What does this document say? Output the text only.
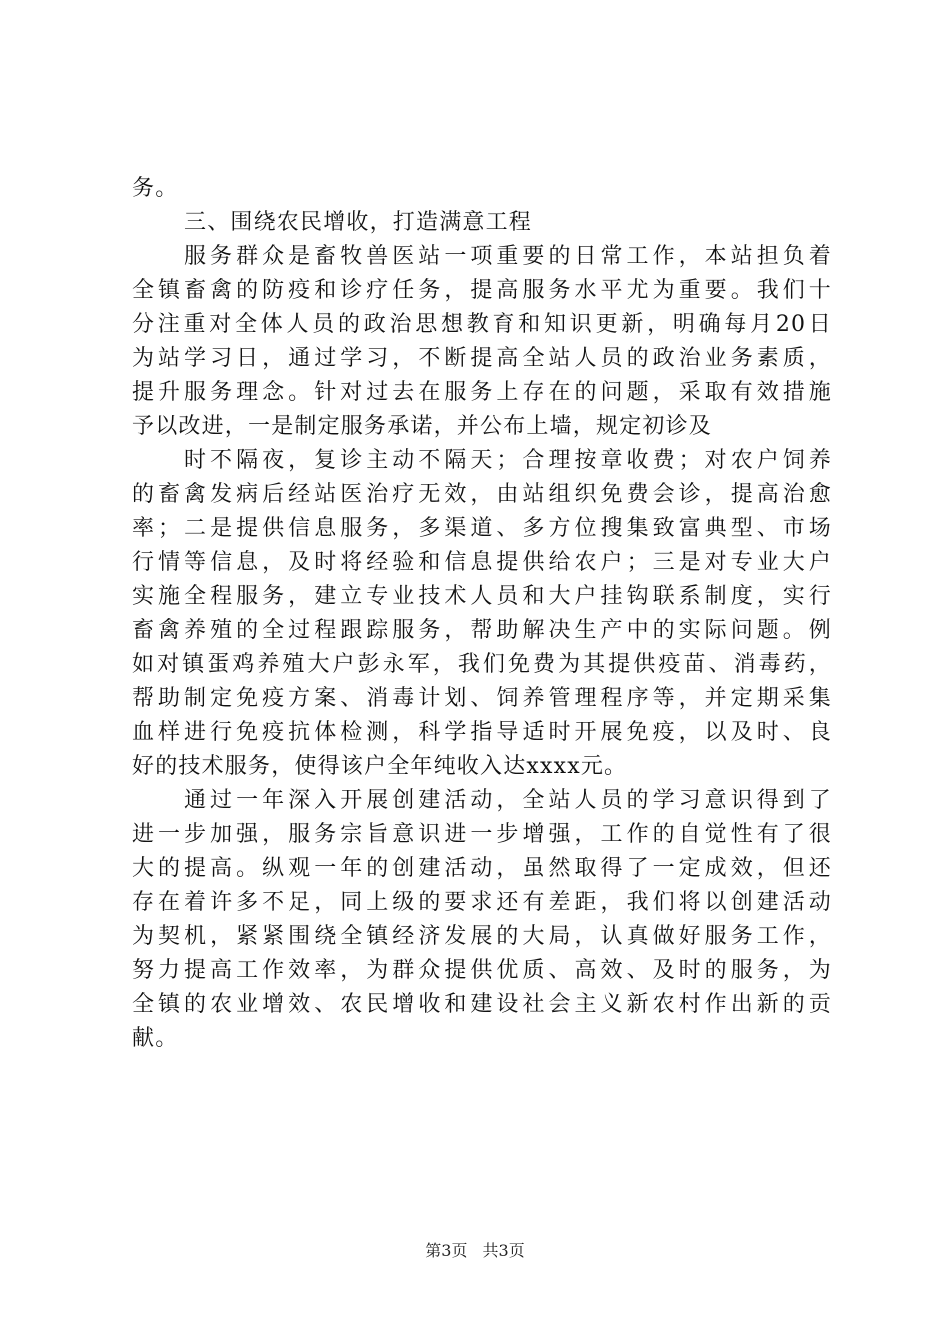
务。
三、围绕农民增收，打造满意工程
服务群众是畜牧兽医站一项重要的日常工作，本站担负着
全镇畜禽的防疫和诊疗任务，提高服务水平尤为重要。我们十
分注重对全体人员的政治思想教育和知识更新，明确每月20日
为站学习日，通过学习，不断提高全站人员的政治业务素质，
提升服务理念。针对过去在服务上存在的问题，采取有效措施
予以改进，一是制定服务承诺，并公布上墙，规定初诊及
时不隔夜，复诊主动不隔天；合理按章收费；对农户饲养
的畜禽发病后经站医治疗无效，由站组织免费会诊，提高治愈
率；二是提供信息服务，多渠道、多方位搜集致富典型、市场
行情等信息，及时将经验和信息提供给农户；三是对专业大户
实施全程服务，建立专业技术人员和大户挂钩联系制度，实行
畜禽养殖的全过程跟踪服务，帮助解决生产中的实际问题。例
如对镇蛋鸡养殖大户彭永军，我们免费为其提供疫苗、消毒药，
帮助制定免疫方案、消毒计划、饲养管理程序等，并定期采集
血样进行免疫抗体检测，科学指导适时开展免疫，以及时、良
好的技术服务，使得该户全年纯收入达xxxx元。
通过一年深入开展创建活动，全站人员的学习意识得到了
进一步加强，服务宗旨意识进一步增强，工作的自觉性有了很
大的提高。纵观一年的创建活动，虽然取得了一定成效，但还
存在着许多不足，同上级的要求还有差距，我们将以创建活动
为契机，紧紧围绕全镇经济发展的大局，认真做好服务工作，
努力提高工作效率，为群众提供优质、高效、及时的服务，为
全镇的农业增效、农民增收和建设社会主义新农村作出新的贡
献。
第3页 共3页
